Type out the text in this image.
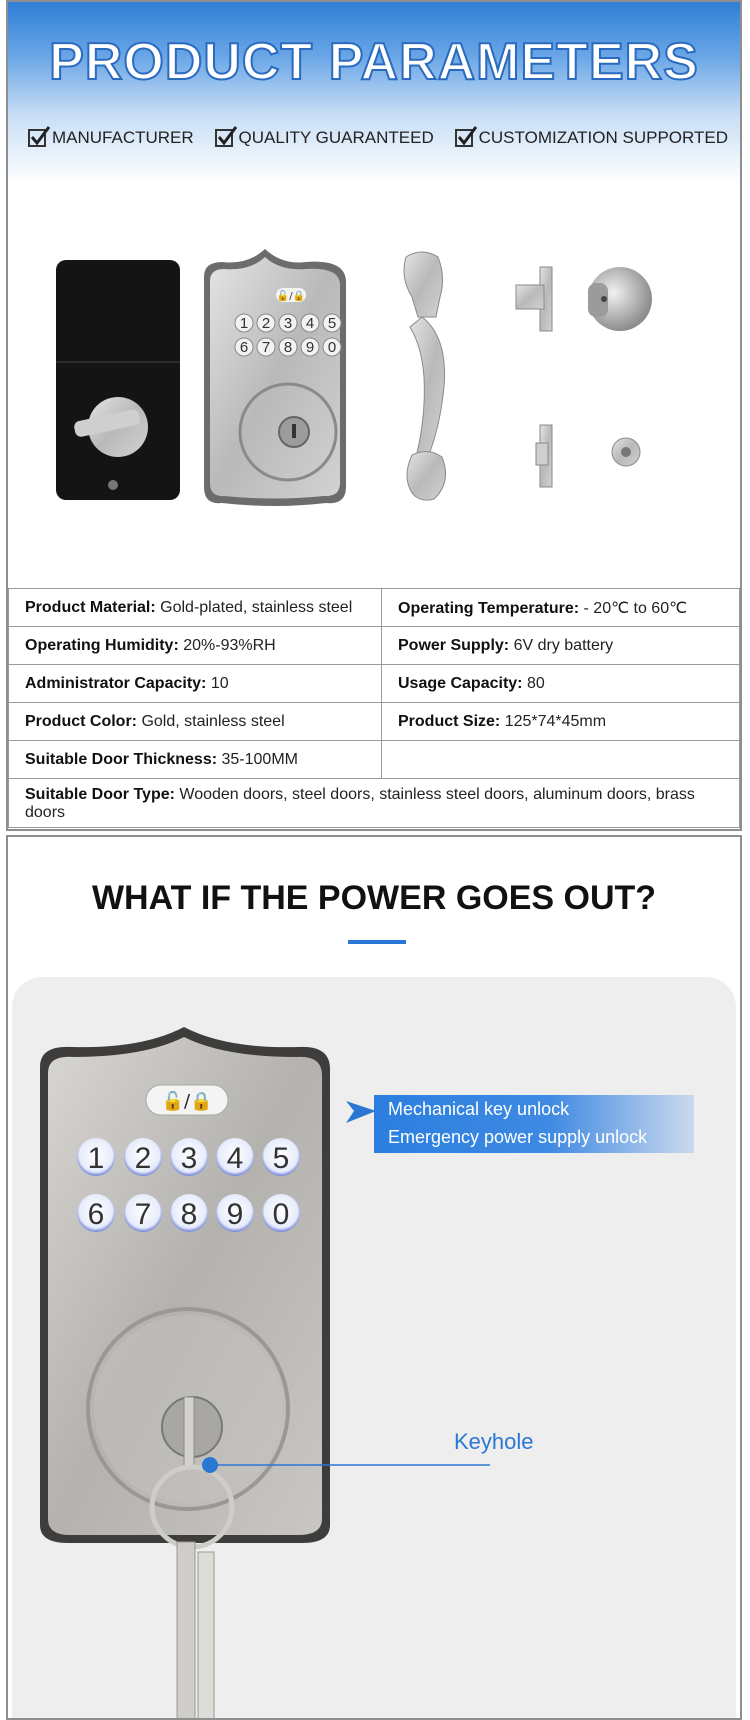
PRODUCT PARAMETERS
MANUFACTURER	QUALITY GUARANTEED	CUSTOMIZATION SUPPORTED
🔓/🔒
1 2 3 4 5
6 7 8 9 0
Product Material: Gold-plated, stainless steel	Operating Temperature: - 20℃ to 60℃
Operating Humidity: 20%-93%RH	Power Supply: 6V dry battery
Administrator Capacity: 10	Usage Capacity: 80
Product Color: Gold, stainless steel	Product Size: 125*74*45mm
Suitable Door Thickness: 35-100MM	
Suitable Door Type: Wooden doors, steel doors, stainless steel doors, aluminum doors, brass doors	
WHAT IF THE POWER GOES OUT?
🔓/🔒
1 2 3 4 5
6 7 8 9 0
Mechanical key unlock
Emergency power supply unlock
Keyhole
